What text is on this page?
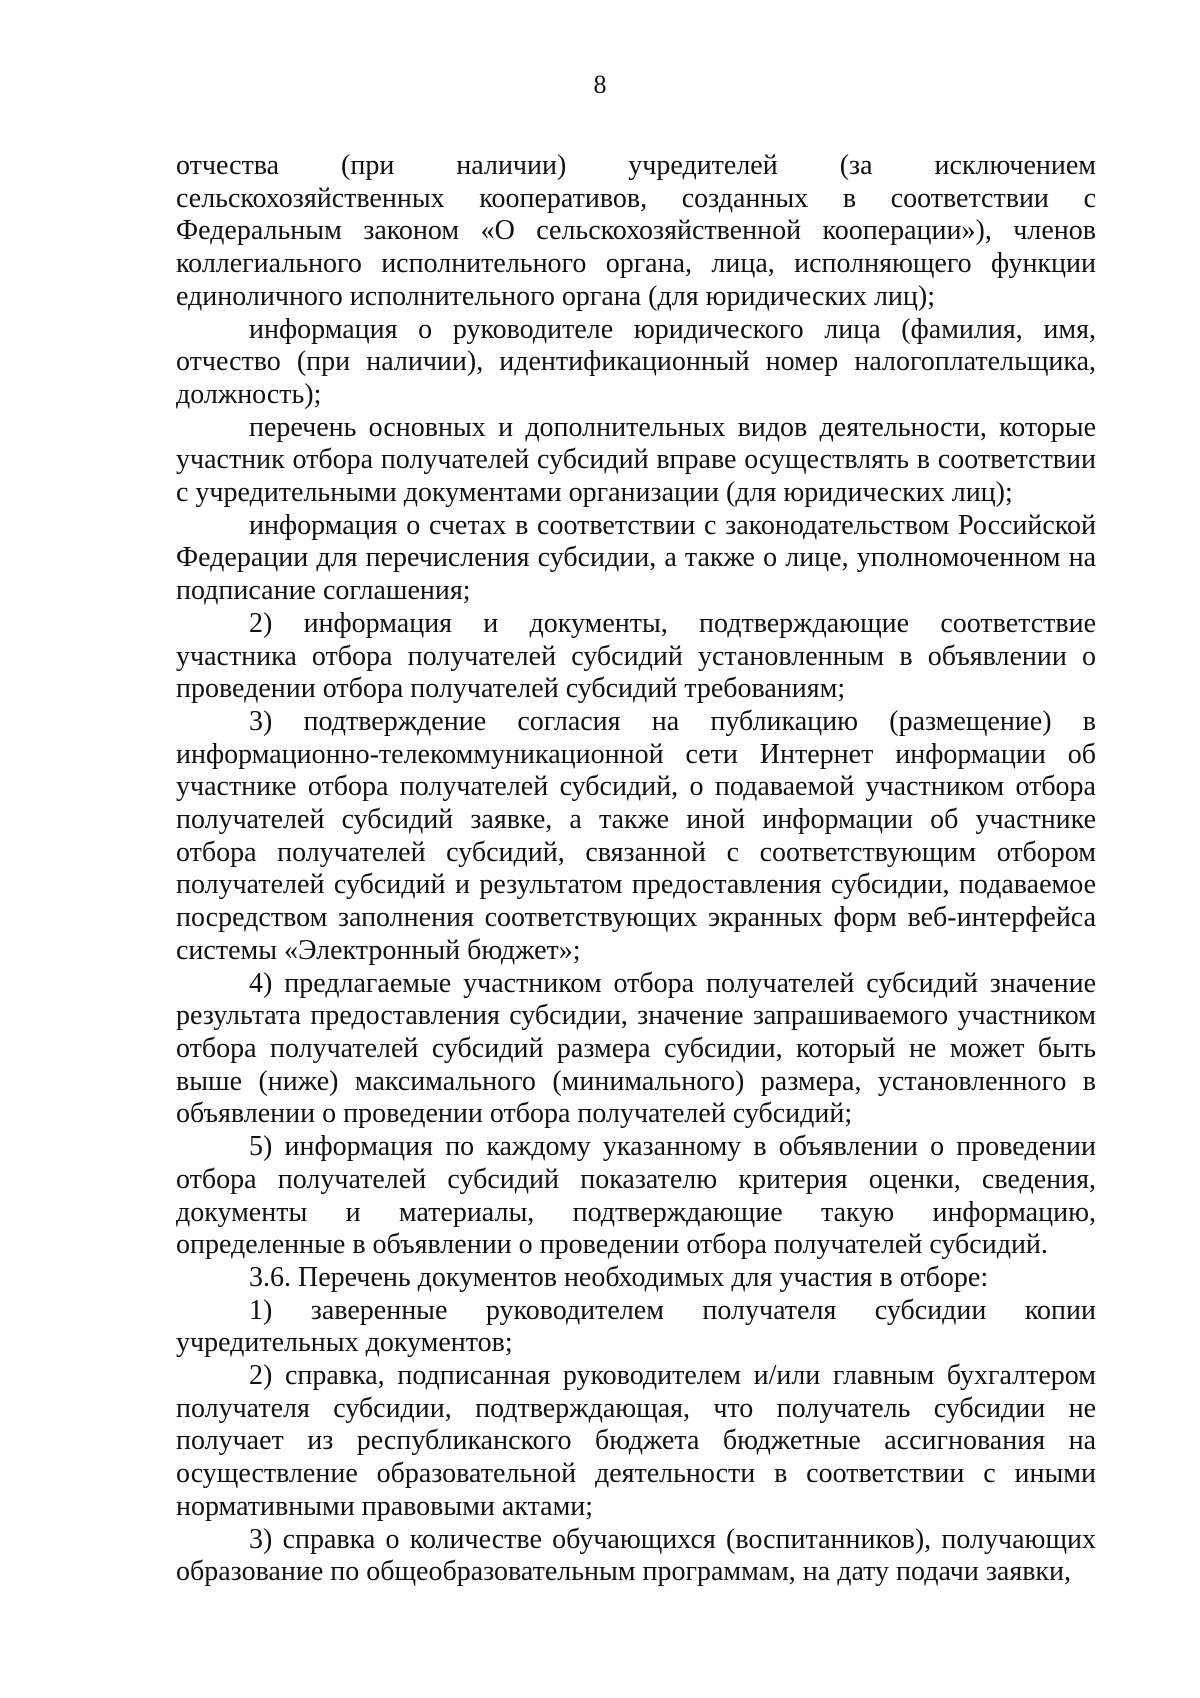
8

отчества (при наличии) учредителей (за исключением сельскохозяйственных кооперативов, созданных в соответствии с Федеральным законом «О сельскохозяйственной кооперации»), членов коллегиального исполнительного органа, лица, исполняющего функции единоличного исполнительного органа (для юридических лиц);

информация о руководителе юридического лица (фамилия, имя, отчество (при наличии), идентификационный номер налогоплательщика, должность);

перечень основных и дополнительных видов деятельности, которые участник отбора получателей субсидий вправе осуществлять в соответствии с учредительными документами организации (для юридических лиц);

информация о счетах в соответствии с законодательством Российской Федерации для перечисления субсидии, а также о лице, уполномоченном на подписание соглашения;

2) информация и документы, подтверждающие соответствие участника отбора получателей субсидий установленным в объявлении о проведении отбора получателей субсидий требованиям;

3) подтверждение согласия на публикацию (размещение) в информационно-телекоммуникационной сети Интернет информации об участнике отбора получателей субсидий, о подаваемой участником отбора получателей субсидий заявке, а также иной информации об участнике отбора получателей субсидий, связанной с соответствующим отбором получателей субсидий и результатом предоставления субсидии, подаваемое посредством заполнения соответствующих экранных форм веб-интерфейса системы «Электронный бюджет»;

4) предлагаемые участником отбора получателей субсидий значение результата предоставления субсидии, значение запрашиваемого участником отбора получателей субсидий размера субсидии, который не может быть выше (ниже) максимального (минимального) размера, установленного в объявлении о проведении отбора получателей субсидий;

5) информация по каждому указанному в объявлении о проведении отбора получателей субсидий показателю критерия оценки, сведения, документы и материалы, подтверждающие такую информацию, определенные в объявлении о проведении отбора получателей субсидий.

3.6. Перечень документов необходимых для участия в отборе:

1) заверенные руководителем получателя субсидии копии учредительных документов;

2) справка, подписанная руководителем и/или главным бухгалтером получателя субсидии, подтверждающая, что получатель субсидии не получает из республиканского бюджета бюджетные ассигнования на осуществление образовательной деятельности в соответствии с иными нормативными правовыми актами;

3) справка о количестве обучающихся (воспитанников), получающих образование по общеобразовательным программам, на дату подачи заявки,
